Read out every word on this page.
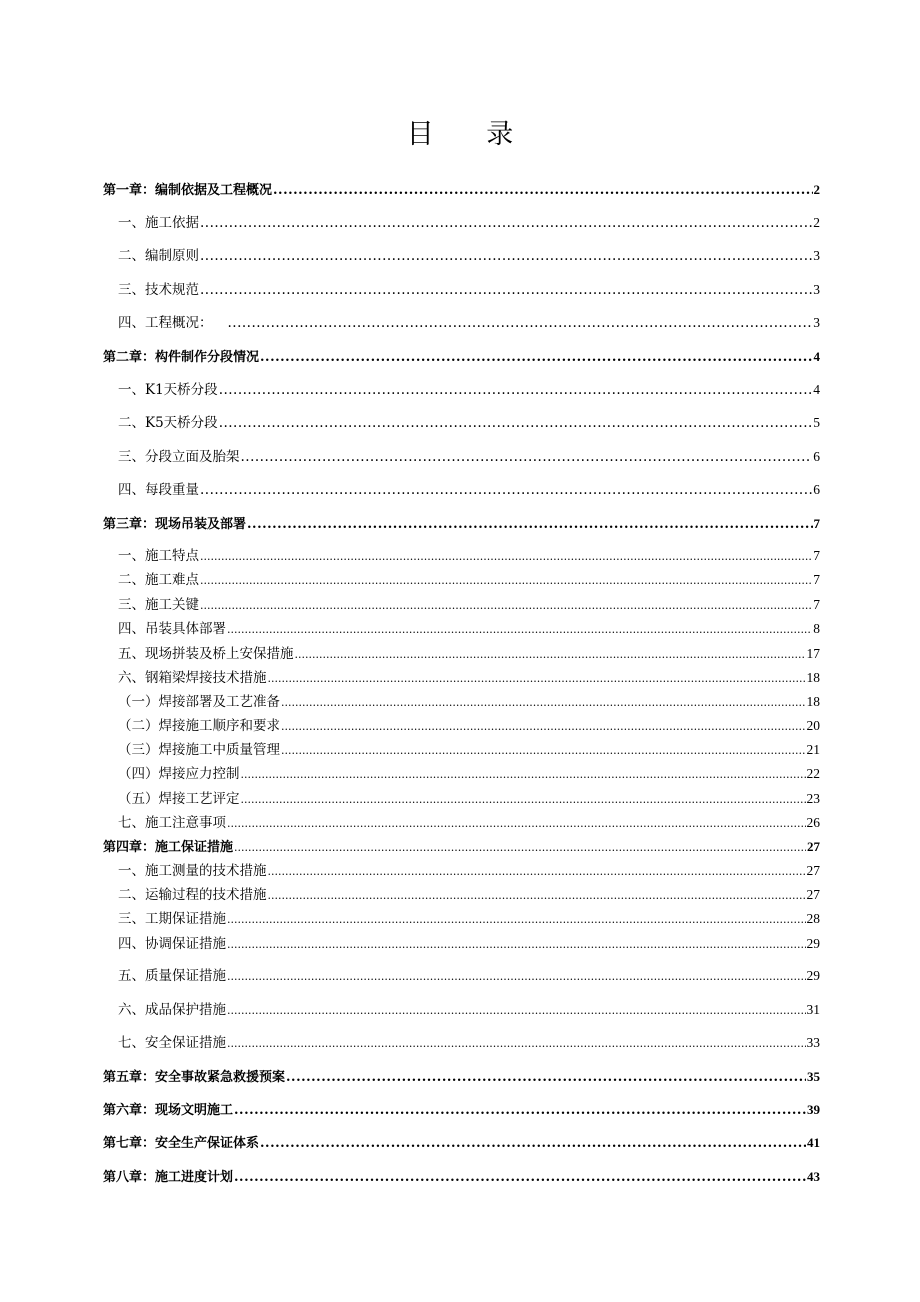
目 录
第一章：编制依据及工程概况 .....	2
一、施工依据 .....	2
二、编制原则 .....	3
三、技术规范 .....	3
四、工程概况： .....	3
第二章：构件制作分段情况 .....	4
一、K1天桥分段 .....	4
二、K5天桥分段 .....	5
三、分段立面及胎架 .....	6
四、每段重量 .....	6
第三章：现场吊装及部署 .....	7
一、施工特点 .....	7
二、施工难点 .....	7
三、施工关键 .....	7
四、吊装具体部署 .....	8
五、现场拼装及桥上安保措施 .....	17
六、钢箱梁焊接技术措施 .....	18
（一）焊接部署及工艺准备 .....	18
（二）焊接施工顺序和要求 .....	20
（三）焊接施工中质量管理 .....	21
（四）焊接应力控制 .....	22
（五）焊接工艺评定 .....	23
七、施工注意事项 .....	26
第四章：施工保证措施 .....	27
一、施工测量的技术措施 .....	27
二、运输过程的技术措施 .....	27
三、工期保证措施 .....	28
四、协调保证措施 .....	29
五、质量保证措施 .....	29
六、成品保护措施 .....	31
七、安全保证措施 .....	33
第五章：安全事故紧急救援预案 .....	35
第六章：现场文明施工 .....	39
第七章：安全生产保证体系 .....	41
第八章：施工进度计划 .....	43
